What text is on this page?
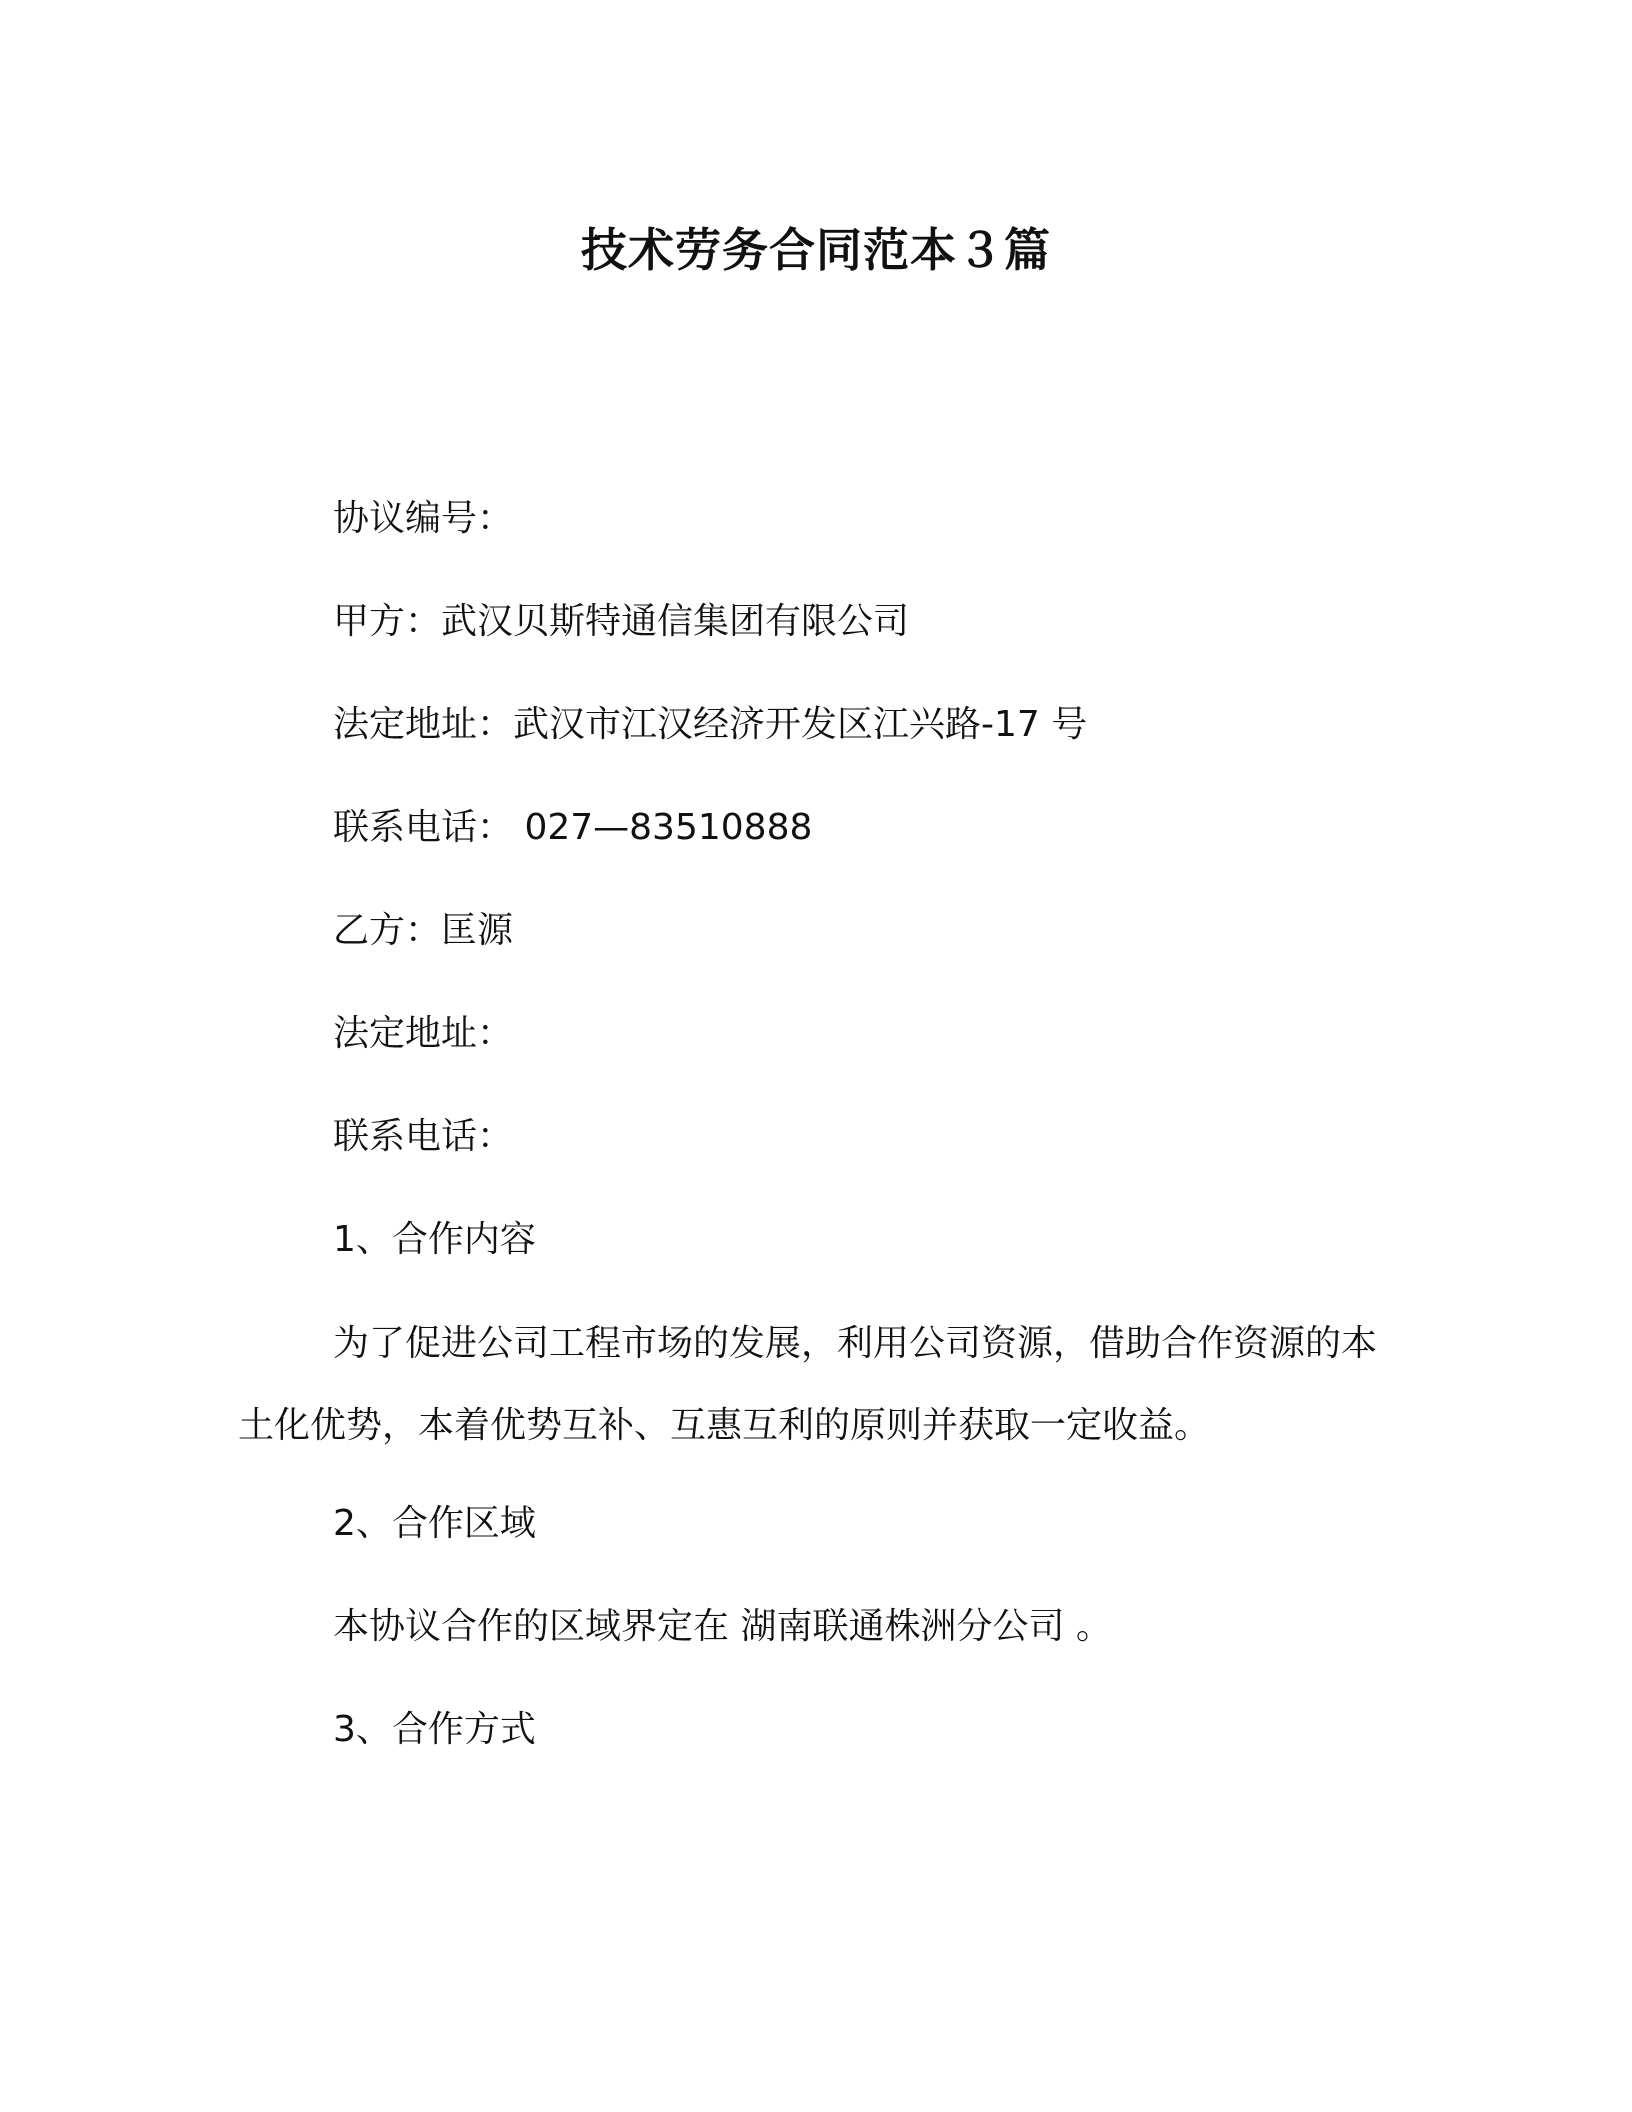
技术劳务合同范本３篇
协议编号：
甲方：武汉贝斯特通信集团有限公司
法定地址：武汉市江汉经济开发区江兴路-17 号
联系电话： 027—83510888
乙方：匡源
法定地址：
联系电话：
1、合作内容
为了促进公司工程市场的发展，利用公司资源，借助合作资源的本土化优势，本着优势互补、互惠互利的原则并获取一定收益。
2、合作区域
本协议合作的区域界定在 湖南联通株洲分公司 。
3、合作方式
